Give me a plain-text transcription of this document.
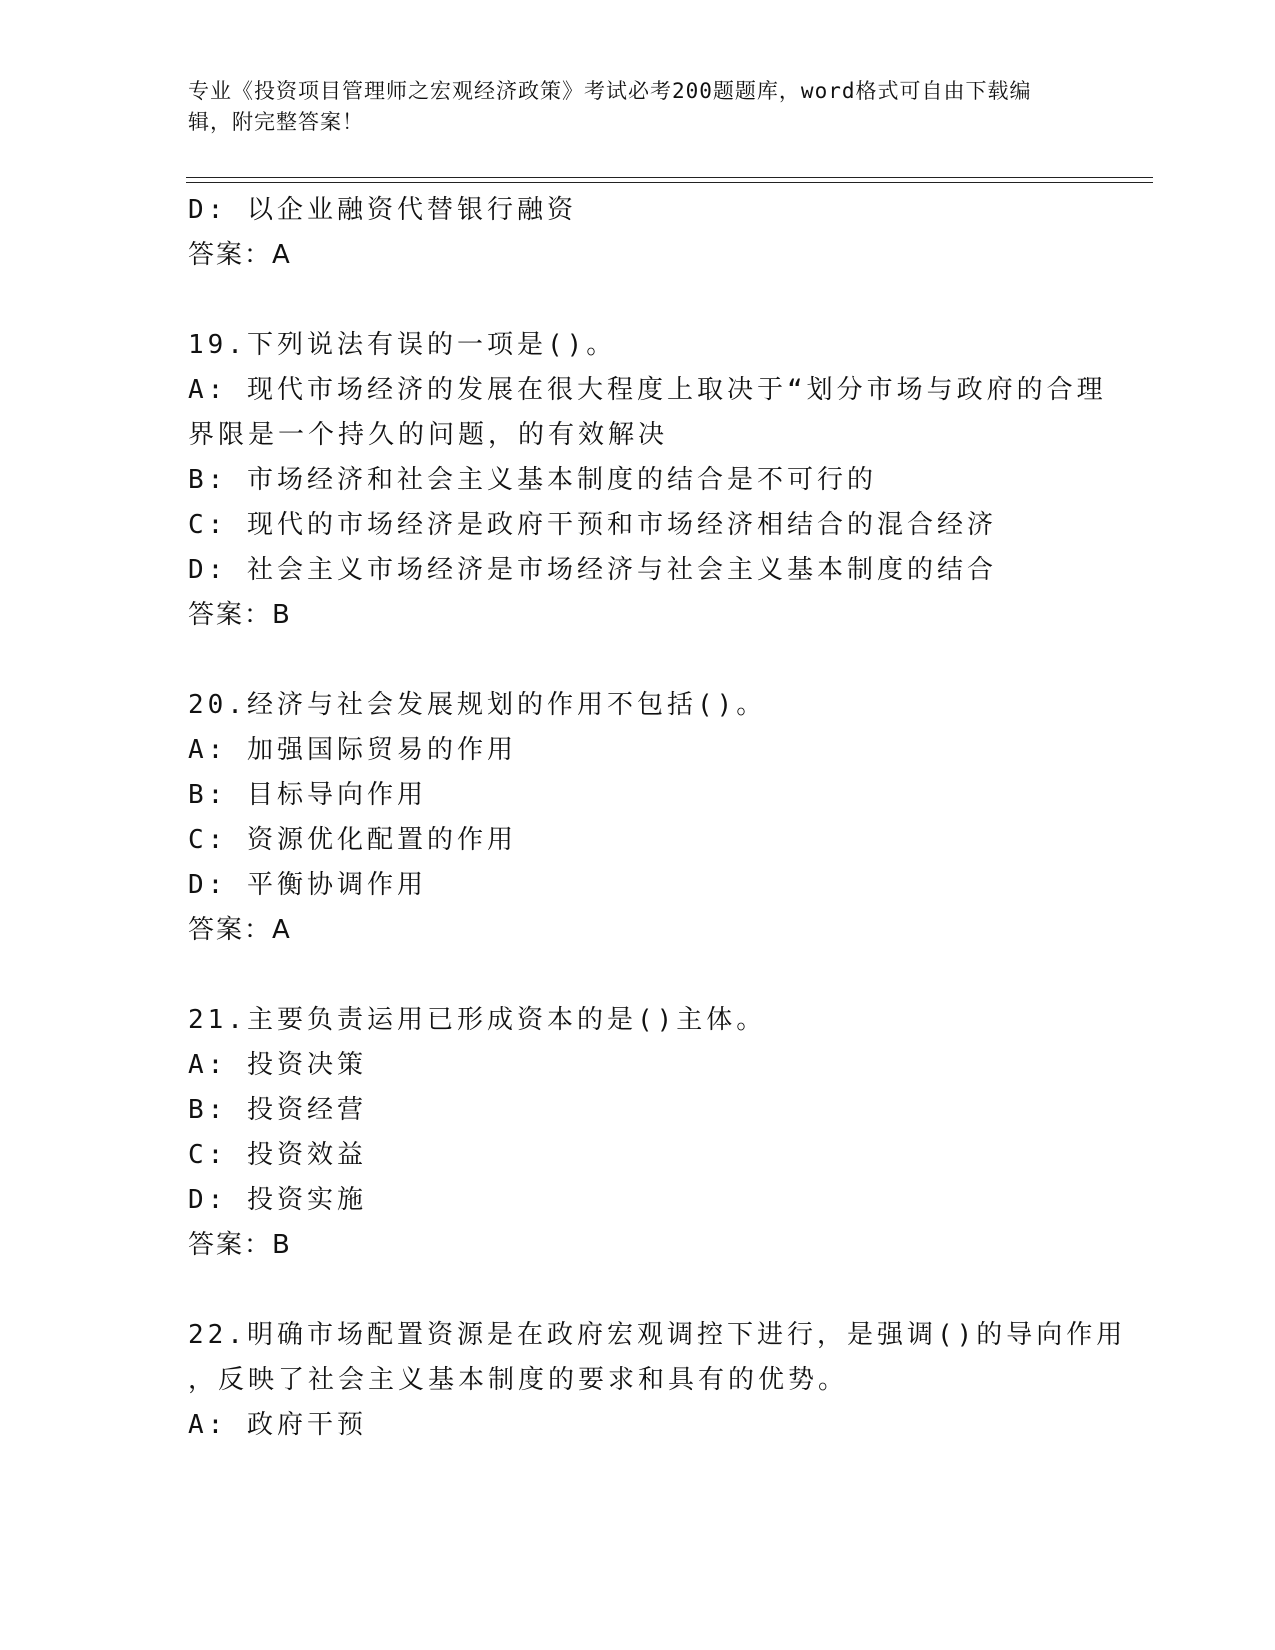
专业《投资项目管理师之宏观经济政策》考试必考200题题库，word格式可自由下载编辑，附完整答案！
D: 以企业融资代替银行融资
答案：A
19.下列说法有误的一项是()。
A: 现代市场经济的发展在很大程度上取决于“划分市场与政府的合理
界限是一个持久的问题，的有效解决
B: 市场经济和社会主义基本制度的结合是不可行的
C: 现代的市场经济是政府干预和市场经济相结合的混合经济
D: 社会主义市场经济是市场经济与社会主义基本制度的结合
答案：B
20.经济与社会发展规划的作用不包括()。
A: 加强国际贸易的作用
B: 目标导向作用
C: 资源优化配置的作用
D: 平衡协调作用
答案：A
21.主要负责运用已形成资本的是()主体。
A: 投资决策
B: 投资经营
C: 投资效益
D: 投资实施
答案：B
22.明确市场配置资源是在政府宏观调控下进行，是强调()的导向作用
，反映了社会主义基本制度的要求和具有的优势。
A: 政府干预
